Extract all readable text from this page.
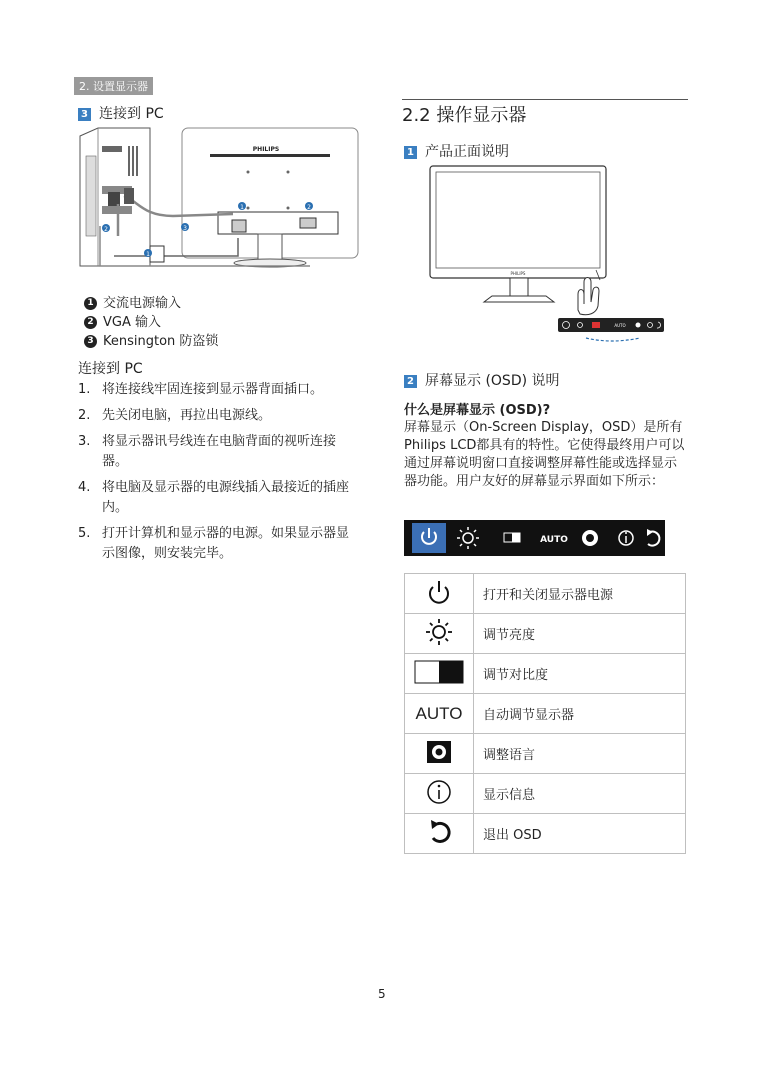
2. 设置显示器
3 连接到 PC
PHILIPS
1	2
3
2
1
1 交流电源输入
2 VGA 输入
3 Kensington 防盗锁
连接到 PC
1. 将连接线牢固连接到显示器背面插口。
2. 先关闭电脑，再拉出电源线。
3. 将显示器讯号线连在电脑背面的视听连接器。
4. 将电脑及显示器的电源线插入最接近的插座内。
5. 打开计算机和显示器的电源。如果显示器显示图像，则安装完毕。
2.2 操作显示器
1 产品正面说明
PHILIPS
AUTO
2 屏幕显示 (OSD) 说明
什么是屏幕显示 (OSD)?
屏幕显示（On-Screen Display，OSD）是所有 Philips LCD都具有的特性。它使得最终用户可以通过屏幕说明窗口直接调整屏幕性能或选择显示器功能。用户友好的屏幕显示界面如下所示：
AUTO
	打开和关闭显示器电源
	调节亮度
	调节对比度
AUTO	自动调节显示器
	调整语言
	显示信息
	退出 OSD
5
